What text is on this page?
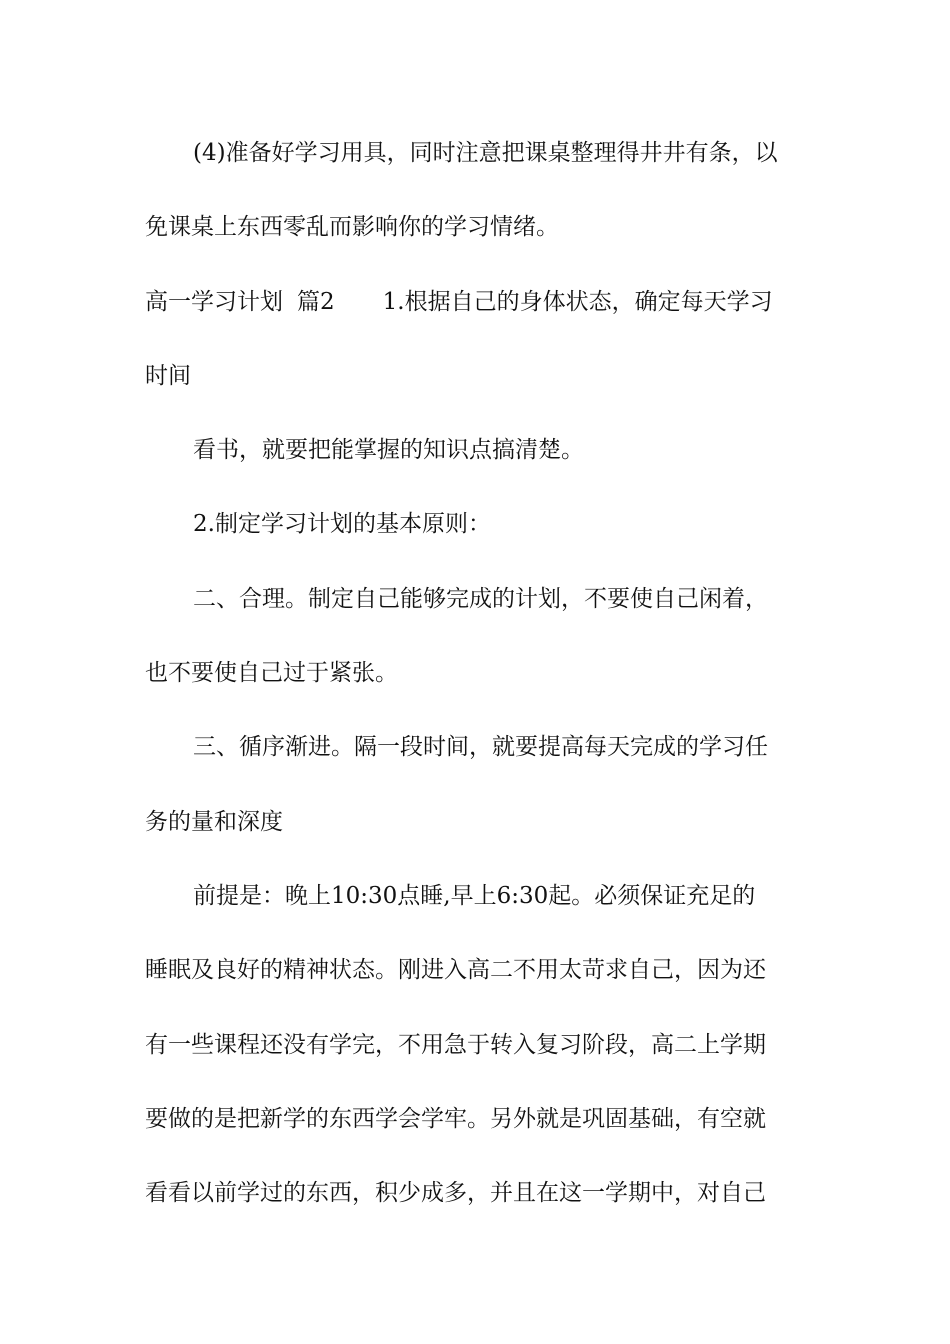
(4)准备好学习用具，同时注意把课桌整理得井井有条，以
免课桌上东西零乱而影响你的学习情绪。
高一学习计划 篇2 1.根据自己的身体状态，确定每天学习
时间
看书，就要把能掌握的知识点搞清楚。
2.制定学习计划的基本原则：
二、合理。制定自己能够完成的计划，不要使自己闲着，
也不要使自己过于紧张。
三、循序渐进。隔一段时间，就要提高每天完成的学习任
务的量和深度
前提是：晚上10:30点睡,早上6:30起。必须保证充足的
睡眠及良好的精神状态。刚进入高二不用太苛求自己，因为还
有一些课程还没有学完，不用急于转入复习阶段，高二上学期
要做的是把新学的东西学会学牢。另外就是巩固基础，有空就
看看以前学过的东西，积少成多，并且在这一学期中，对自己
